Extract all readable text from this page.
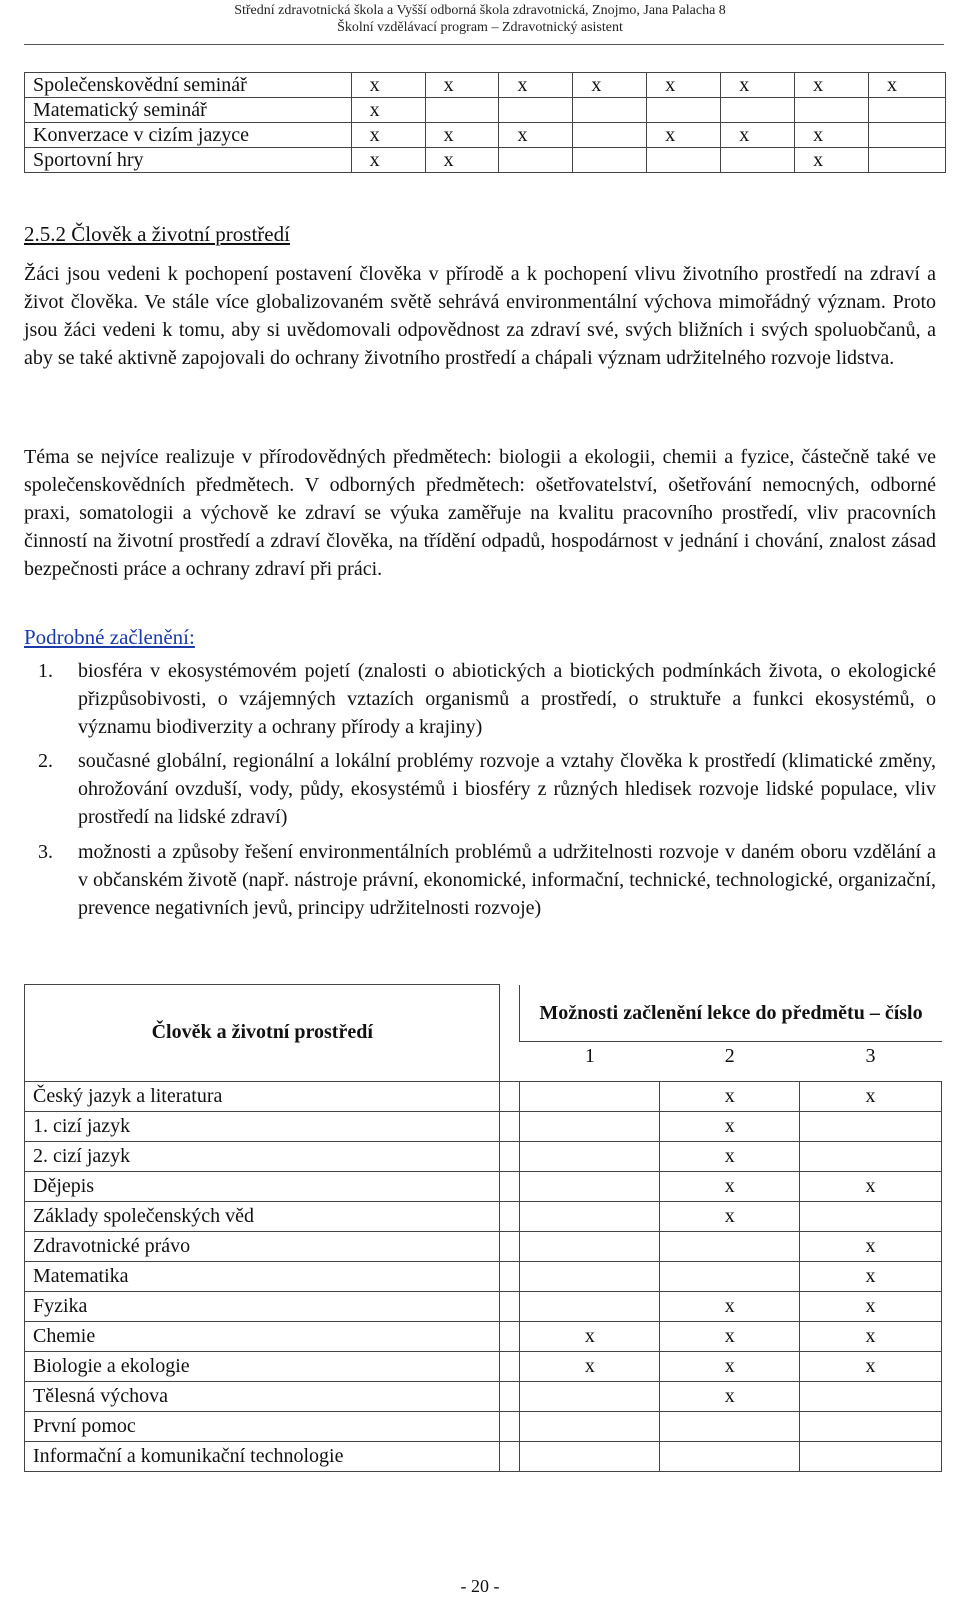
Střední zdravotnická škola a Vyšší odborná škola zdravotnická, Znojmo, Jana Palacha 8
Školní vzdělávací program – Zdravotnický asistent
Společenskovědní seminář	x	x	x	x	x	x	x	x
Matematický seminář	x							
Konverzace v cizím jazyce	x	x	x		x	x	x	
Sportovní hry	x	x					x	
2.5.2 Člověk a životní prostředí

Žáci jsou vedeni k pochopení postavení člověka v přírodě a k pochopení vlivu životního prostředí na zdraví a život člověka. Ve stále více globalizovaném světě sehrává environmentální výchova mimořádný význam. Proto jsou žáci vedeni k tomu, aby si uvědomovali odpovědnost za zdraví své, svých bližních i svých spoluobčanů, a aby se také aktivně zapojovali do ochrany životního prostředí a chápali význam udržitelného rozvoje lidstva.

Téma se nejvíce realizuje v přírodovědných předmětech: biologii a ekologii, chemii a fyzice, částečně také ve společenskovědních předmětech. V odborných předmětech: ošetřovatelství, ošetřování nemocných, odborné praxi, somatologii a výchově ke zdraví se výuka zaměřuje na kvalitu pracovního prostředí, vliv pracovních činností na životní prostředí a zdraví člověka, na třídění odpadů, hospodárnost v jednání i chování, znalost zásad bezpečnosti práce a ochrany zdraví při práci.

Podrobné začlenění:
1. biosféra v ekosystémovém pojetí (znalosti o abiotických a biotických podmínkách života, o ekologické přizpůsobivosti, o vzájemných vztazích organismů a prostředí, o struktuře a funkci ekosystémů, o významu biodiverzity a ochrany přírody a krajiny)
2. současné globální, regionální a lokální problémy rozvoje a vztahy člověka k prostředí (klimatické změny, ohrožování ovzduší, vody, půdy, ekosystémů i biosféry z různých hledisek rozvoje lidské populace, vliv prostředí na lidské zdraví)
3. možnosti a způsoby řešení environmentálních problémů a udržitelnosti rozvoje v daném oboru vzdělání a v občanském životě (např. nástroje právní, ekonomické, informační, technické, technologické, organizační, prevence negativních jevů, principy udržitelnosti rozvoje)
Člověk a životní prostředí		Možnosti začlenění lekce do předmětu – číslo		
		1	2	3

Český jazyk a literatura			x	x
1. cizí jazyk			x	
2. cizí jazyk			x	
Dějepis			x	x
Základy společenských věd			x	
Zdravotnické právo				x
Matematika				x
Fyzika			x	x
Chemie		x	x	x
Biologie a ekologie		x	x	x
Tělesná výchova			x	
První pomoc				
Informační a komunikační technologie				
- 20 -
